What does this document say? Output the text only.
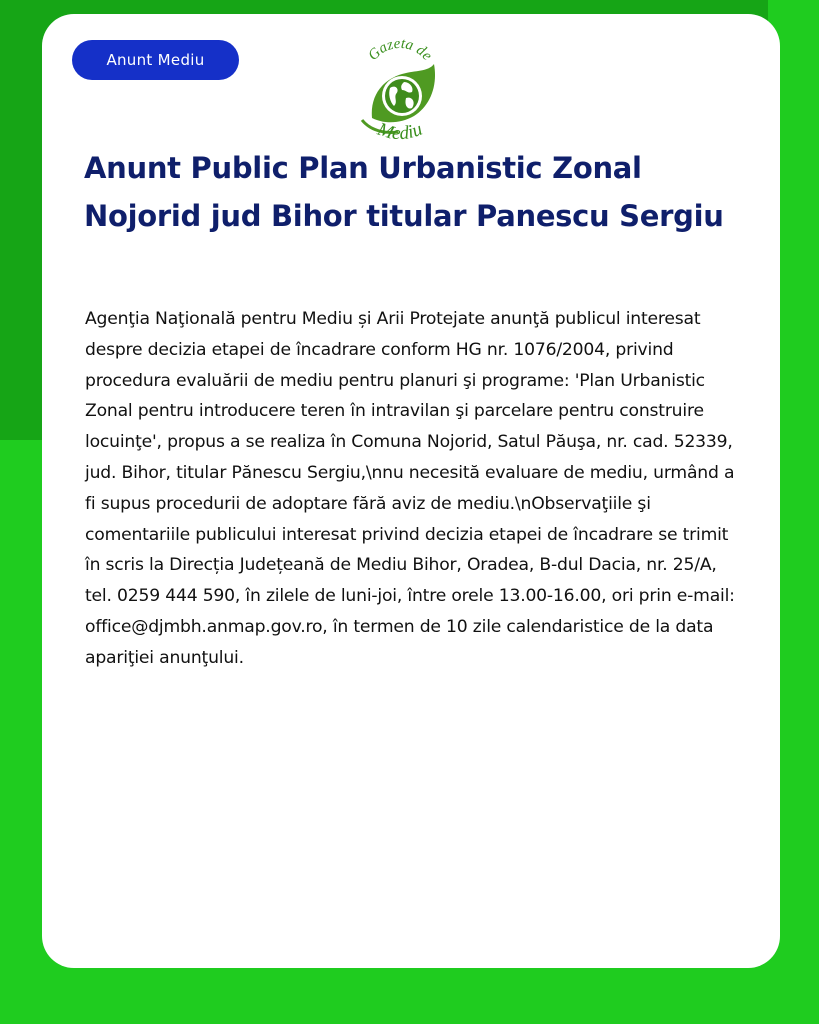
Anunt Mediu	Gazeta de
Mediu
Anunt Public Plan Urbanistic Zonal Nojorid jud Bihor titular Panescu Sergiu

Agenţia Naţională pentru Mediu și Arii Protejate anunţă publicul interesat despre decizia etapei de încadrare conform HG nr. 1076/2004, privind procedura evaluării de mediu pentru planuri şi programe: 'Plan Urbanistic Zonal pentru introducere teren în intravilan şi parcelare pentru construire locuinţe', propus a se realiza în Comuna Nojorid, Satul Păuşa, nr. cad. 52339, jud. Bihor, titular Pănescu Sergiu,\nnu necesită evaluare de mediu, urmând a fi supus procedurii de adoptare fără aviz de mediu.\nObservaţiile şi comentariile publicului interesat privind decizia etapei de încadrare se trimit în scris la Direcția Județeană de Mediu Bihor, Oradea, B-dul Dacia, nr. 25/A, tel. 0259 444 590, în zilele de luni-joi, între orele 13.00-16.00, ori prin e-mail: office@djmbh.anmap.gov.ro, în termen de 10 zile calendaristice de la data apariţiei anunţului.
